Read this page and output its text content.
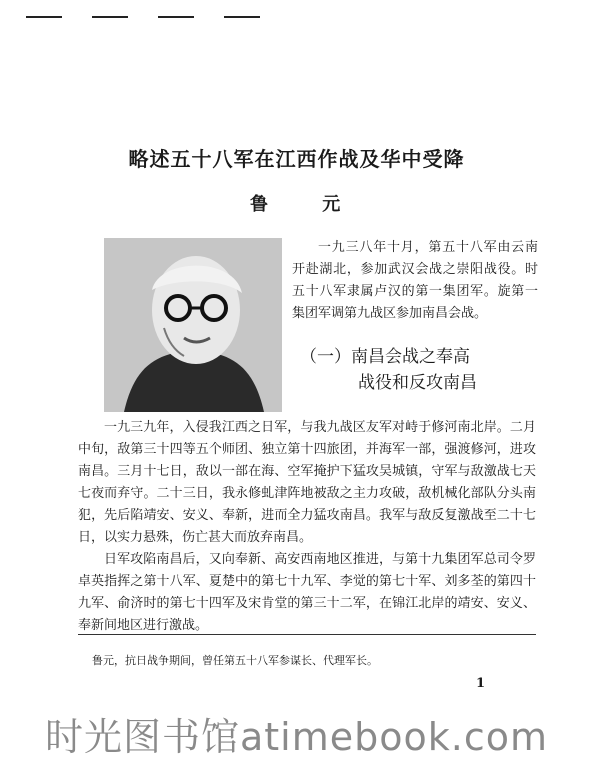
略述五十八军在江西作战及华中受降
鲁 元

一九三八年十月，第五十八军由云南开赴湖北，参加武汉会战之崇阳战役。时五十八军隶属卢汉的第一集团军。旋第一集团军调第九战区参加南昌会战。

（一）南昌会战之奉高
战役和反攻南昌

一九三九年，入侵我江西之日军，与我九战区友军对峙于修河南北岸。二月中旬，敌第三十四等五个师团、独立第十四旅团，并海军一部，强渡修河，进攻南昌。三月十七日，敌以一部在海、空军掩护下猛攻吴城镇，守军与敌激战七天七夜而弃守。二十三日，我永修虬津阵地被敌之主力攻破，敌机械化部队分头南犯，先后陷靖安、安义、奉新，进而全力猛攻南昌。我军与敌反复激战至二十七日，以实力悬殊，伤亡甚大而放弃南昌。

日军攻陷南昌后，又向奉新、高安西南地区推进，与第十九集团军总司令罗卓英指挥之第十八军、夏楚中的第七十九军、李觉的第七十军、刘多荃的第四十九军、俞济时的第七十四军及宋肯堂的第三十二军，在锦江北岸的靖安、安义、奉新间地区进行激战。

鲁元，抗日战争期间，曾任第五十八军参谋长、代理军长。

1
时光图书馆atimebook.com
